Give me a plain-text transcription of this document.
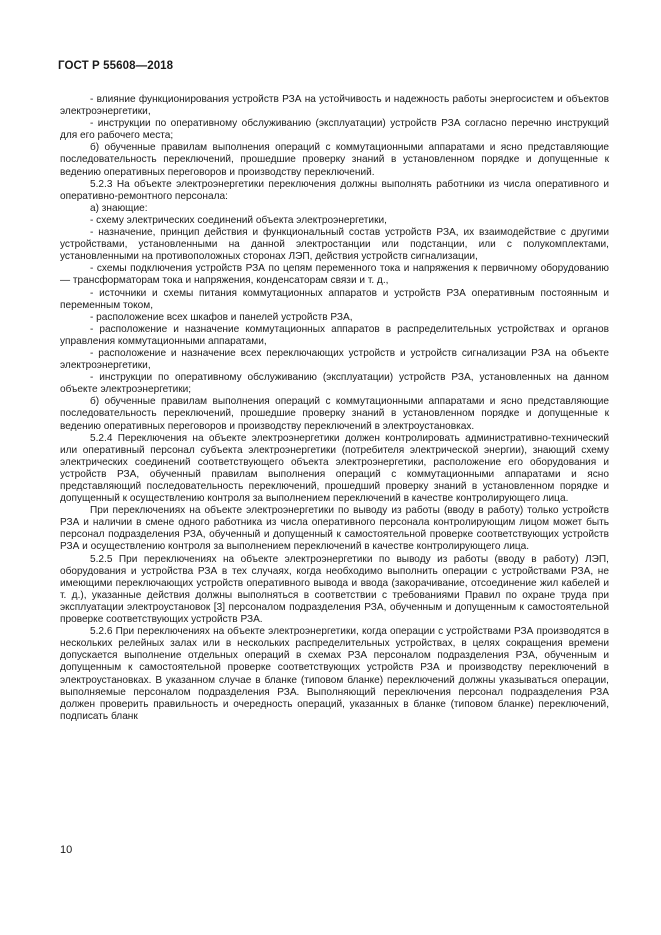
ГОСТ Р 55608—2018

- влияние функционирования устройств РЗА на устойчивость и надежность работы энергосистем и объектов электроэнергетики,

- инструкции по оперативному обслуживанию (эксплуатации) устройств РЗА согласно перечню инструкций для его рабочего места;

б) обученные правилам выполнения операций с коммутационными аппаратами и ясно представляющие последовательность переключений, прошедшие проверку знаний в установленном порядке и допущенные к ведению оперативных переговоров и производству переключений.

5.2.3 На объекте электроэнергетики переключения должны выполнять работники из числа оперативного и оперативно-ремонтного персонала:

а) знающие:

- схему электрических соединений объекта электроэнергетики,

- назначение, принцип действия и функциональный состав устройств РЗА, их взаимодействие с другими устройствами, установленными на данной электростанции или подстанции, или с полукомплектами, установленными на противоположных сторонах ЛЭП, действия устройств сигнализации,

- схемы подключения устройств РЗА по цепям переменного тока и напряжения к первичному оборудованию — трансформаторам тока и напряжения, конденсаторам связи и т. д.,

- источники и схемы питания коммутационных аппаратов и устройств РЗА оперативным постоянным и переменным током,

- расположение всех шкафов и панелей устройств РЗА,

- расположение и назначение коммутационных аппаратов в распределительных устройствах и органов управления коммутационными аппаратами,

- расположение и назначение всех переключающих устройств и устройств сигнализации РЗА на объекте электроэнергетики,

- инструкции по оперативному обслуживанию (эксплуатации) устройств РЗА, установленных на данном объекте электроэнергетики;

б) обученные правилам выполнения операций с коммутационными аппаратами и ясно представляющие последовательность переключений, прошедшие проверку знаний в установленном порядке и допущенные к ведению оперативных переговоров и производству переключений в электроустановках.

5.2.4 Переключения на объекте электроэнергетики должен контролировать административно-технический или оперативный персонал субъекта электроэнергетики (потребителя электрической энергии), знающий схему электрических соединений соответствующего объекта электроэнергетики, расположение его оборудования и устройств РЗА, обученный правилам выполнения операций с коммутационными аппаратами и ясно представляющий последовательность переключений, прошедший проверку знаний в установленном порядке и допущенный к осуществлению контроля за выполнением переключений в качестве контролирующего лица.

При переключениях на объекте электроэнергетики по выводу из работы (вводу в работу) только устройств РЗА и наличии в смене одного работника из числа оперативного персонала контролирующим лицом может быть персонал подразделения РЗА, обученный и допущенный к самостоятельной проверке соответствующих устройств РЗА и осуществлению контроля за выполнением переключений в качестве контролирующего лица.

5.2.5 При переключениях на объекте электроэнергетики по выводу из работы (вводу в работу) ЛЭП, оборудования и устройства РЗА в тех случаях, когда необходимо выполнить операции с устройствами РЗА, не имеющими переключающих устройств оперативного вывода и ввода (закорачивание, отсоединение жил кабелей и т. д.), указанные действия должны выполняться в соответствии с требованиями Правил по охране труда при эксплуатации электроустановок [3] персоналом подразделения РЗА, обученным и допущенным к самостоятельной проверке соответствующих устройств РЗА.

5.2.6 При переключениях на объекте электроэнергетики, когда операции с устройствами РЗА производятся в нескольких релейных залах или в нескольких распределительных устройствах, в целях сокращения времени допускается выполнение отдельных операций в схемах РЗА персоналом подразделения РЗА, обученным и допущенным к самостоятельной проверке соответствующих устройств РЗА и производству переключений в электроустановках. В указанном случае в бланке (типовом бланке) переключений должны указываться операции, выполняемые персоналом подразделения РЗА. Выполняющий переключения персонал подразделения РЗА должен проверить правильность и очередность операций, указанных в бланке (типовом бланке) переключений, подписать бланк

10
